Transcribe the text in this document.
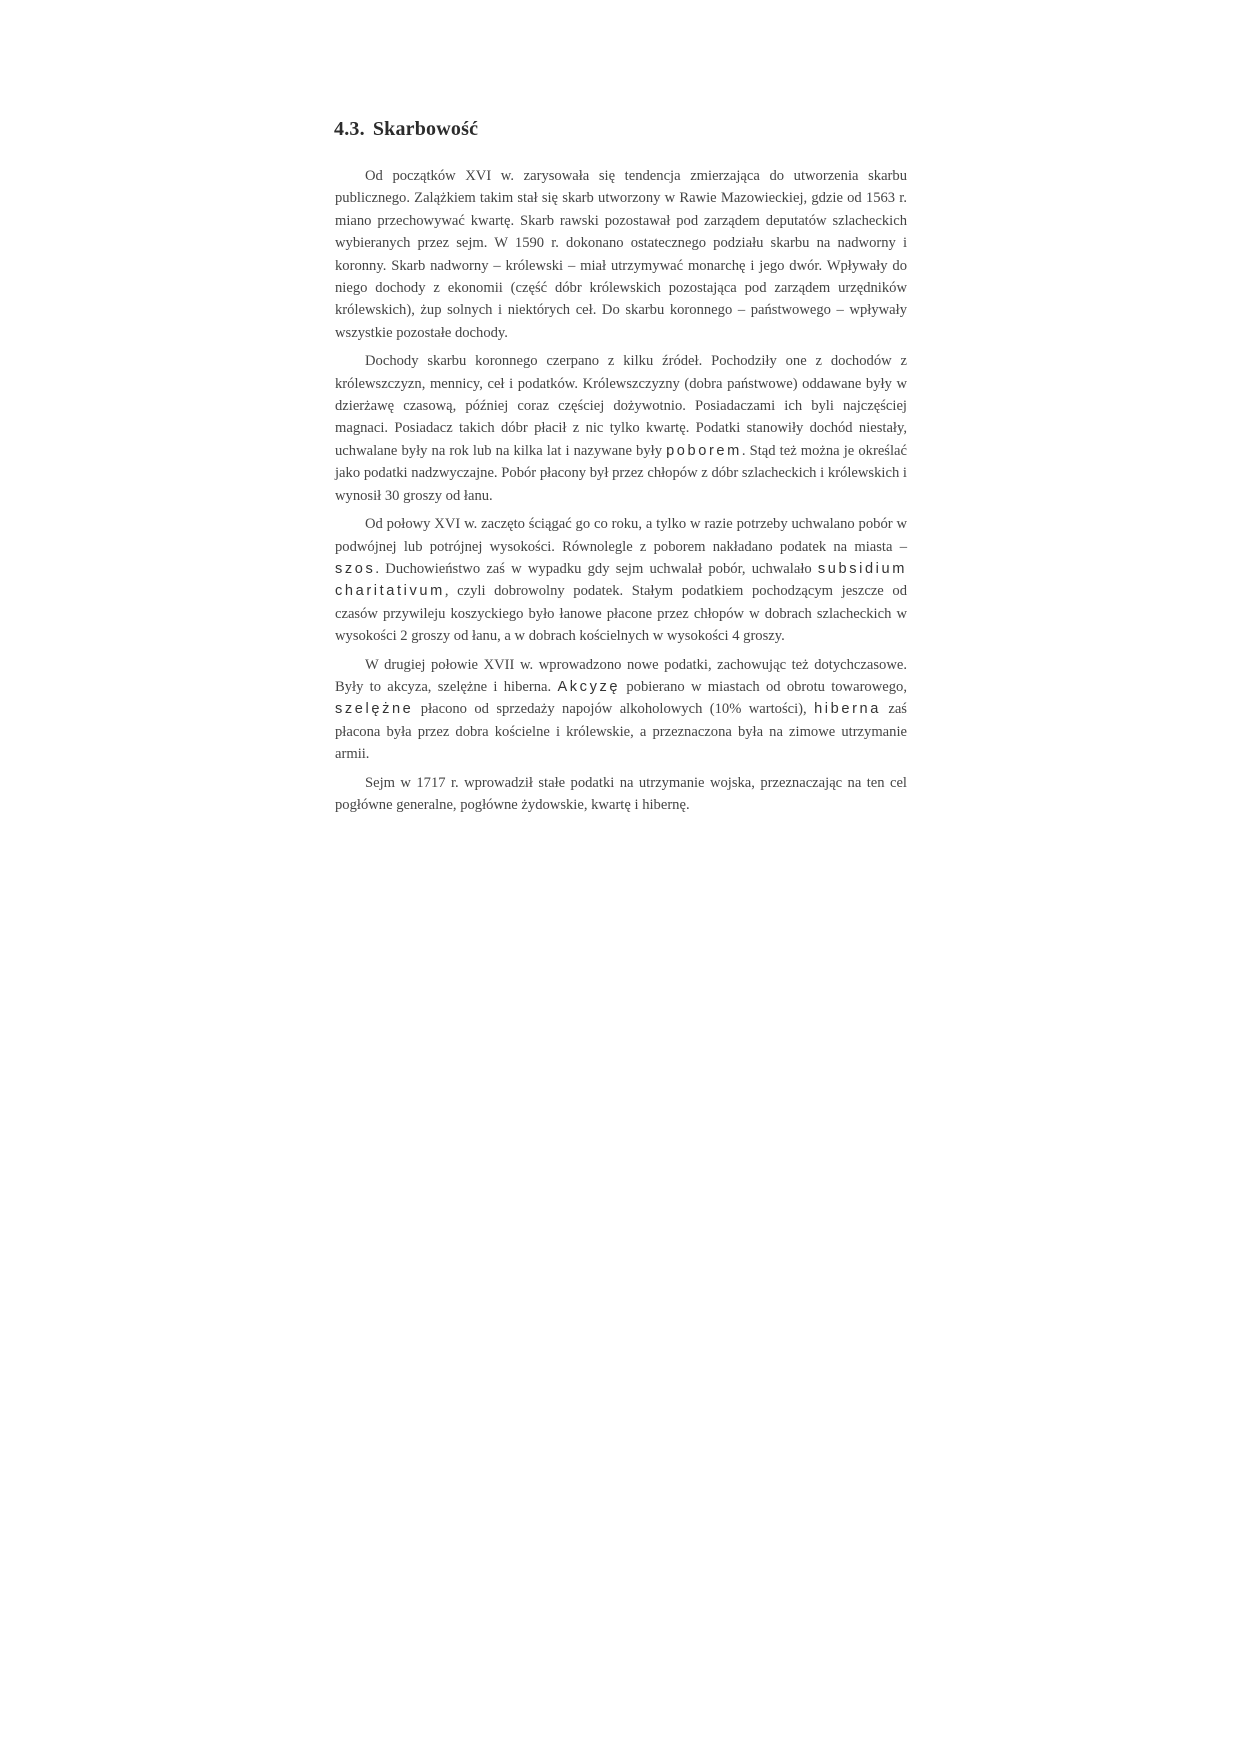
4.3. Skarbowość

Od początków XVI w. zarysowała się tendencja zmierzająca do utworzenia skarbu publicznego. Zalążkiem takim stał się skarb utworzony w Rawie Mazowieckiej, gdzie od 1563 r. miano przechowywać kwartę. Skarb rawski pozostawał pod zarządem deputatów szlacheckich wybieranych przez sejm. W 1590 r. dokonano ostatecznego podziału skarbu na nadworny i koronny. Skarb nadworny – królewski – miał utrzymywać monarchę i jego dwór. Wpływały do niego dochody z ekonomii (część dóbr królewskich pozostająca pod zarządem urzędników królewskich), żup solnych i niektórych ceł. Do skarbu koronnego – państwowego – wpływały wszystkie pozostałe dochody.

Dochody skarbu koronnego czerpano z kilku źródeł. Pochodziły one z dochodów z królewszczyzn, mennicy, ceł i podatków. Królewszczyzny (dobra państwowe) oddawane były w dzierżawę czasową, później coraz częściej dożywotnio. Posiadaczami ich byli najczęściej magnaci. Posiadacz takich dóbr płacił z nic tylko kwartę. Podatki stanowiły dochód niestały, uchwalane były na rok lub na kilka lat i nazywane były poborem. Stąd też można je określać jako podatki nadzwyczajne. Pobór płacony był przez chłopów z dóbr szlacheckich i królewskich i wynosił 30 groszy od łanu.

Od połowy XVI w. zaczęto ściągać go co roku, a tylko w razie potrzeby uchwalano pobór w podwójnej lub potrójnej wysokości. Równolegle z poborem nakładano podatek na miasta – szos. Duchowieństwo zaś w wypadku gdy sejm uchwalał pobór, uchwalało subsidium charitativum, czyli dobrowolny podatek. Stałym podatkiem pochodzącym jeszcze od czasów przywileju koszyckiego było łanowe płacone przez chłopów w dobrach szlacheckich w wysokości 2 groszy od łanu, a w dobrach kościelnych w wysokości 4 groszy.

W drugiej połowie XVII w. wprowadzono nowe podatki, zachowując też dotychczasowe. Były to akcyza, szelężne i hiberna. Akcyzę pobierano w miastach od obrotu towarowego, szelężne płacono od sprzedaży napojów alkoholowych (10% wartości), hiberna zaś płacona była przez dobra kościelne i królewskie, a przeznaczona była na zimowe utrzymanie armii.

Sejm w 1717 r. wprowadził stałe podatki na utrzymanie wojska, przeznaczając na ten cel pogłówne generalne, pogłówne żydowskie, kwartę i hibernę.
